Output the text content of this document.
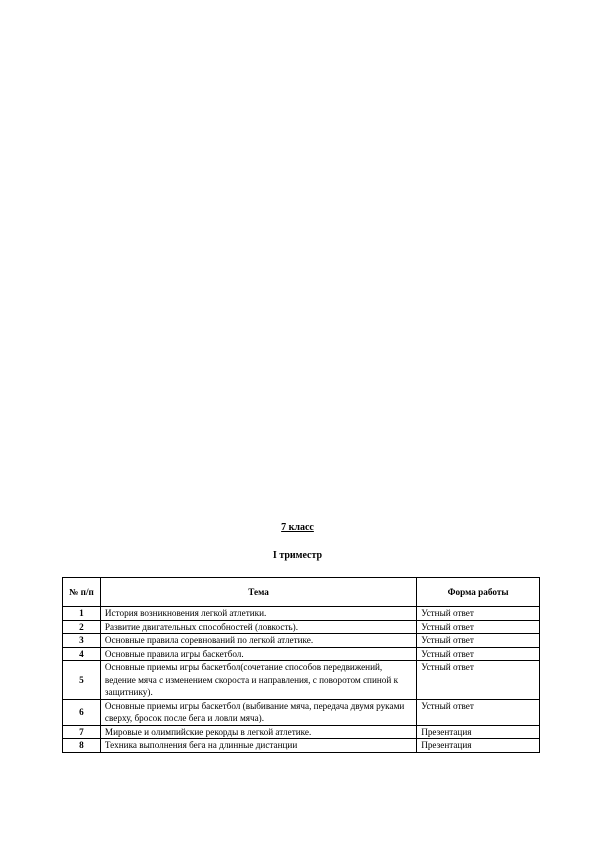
7 класс
I триместр
№ п/п	Тема	Форма работы
1	История возникновения легкой атлетики.	Устный ответ
2	Развитие двигательных способностей (ловкость).	Устный ответ
3	Основные правила соревнований по легкой атлетике.	Устный ответ
4	Основные правила игры баскетбол.	Устный ответ
5	Основные приемы игры баскетбол(сочетание способов передвижений, ведение мяча с изменением скороста и направления, с поворотом спиной к защитнику).	Устный ответ
6	Основные приемы игры баскетбол (выбивание мяча, передача двумя руками сверху, бросок после бега и ловли мяча).	Устный ответ
7	Мировые и олимпийские рекорды в легкой атлетике.	Презентация
8	Техника выполнения бега на длинные дистанции	Презентация
